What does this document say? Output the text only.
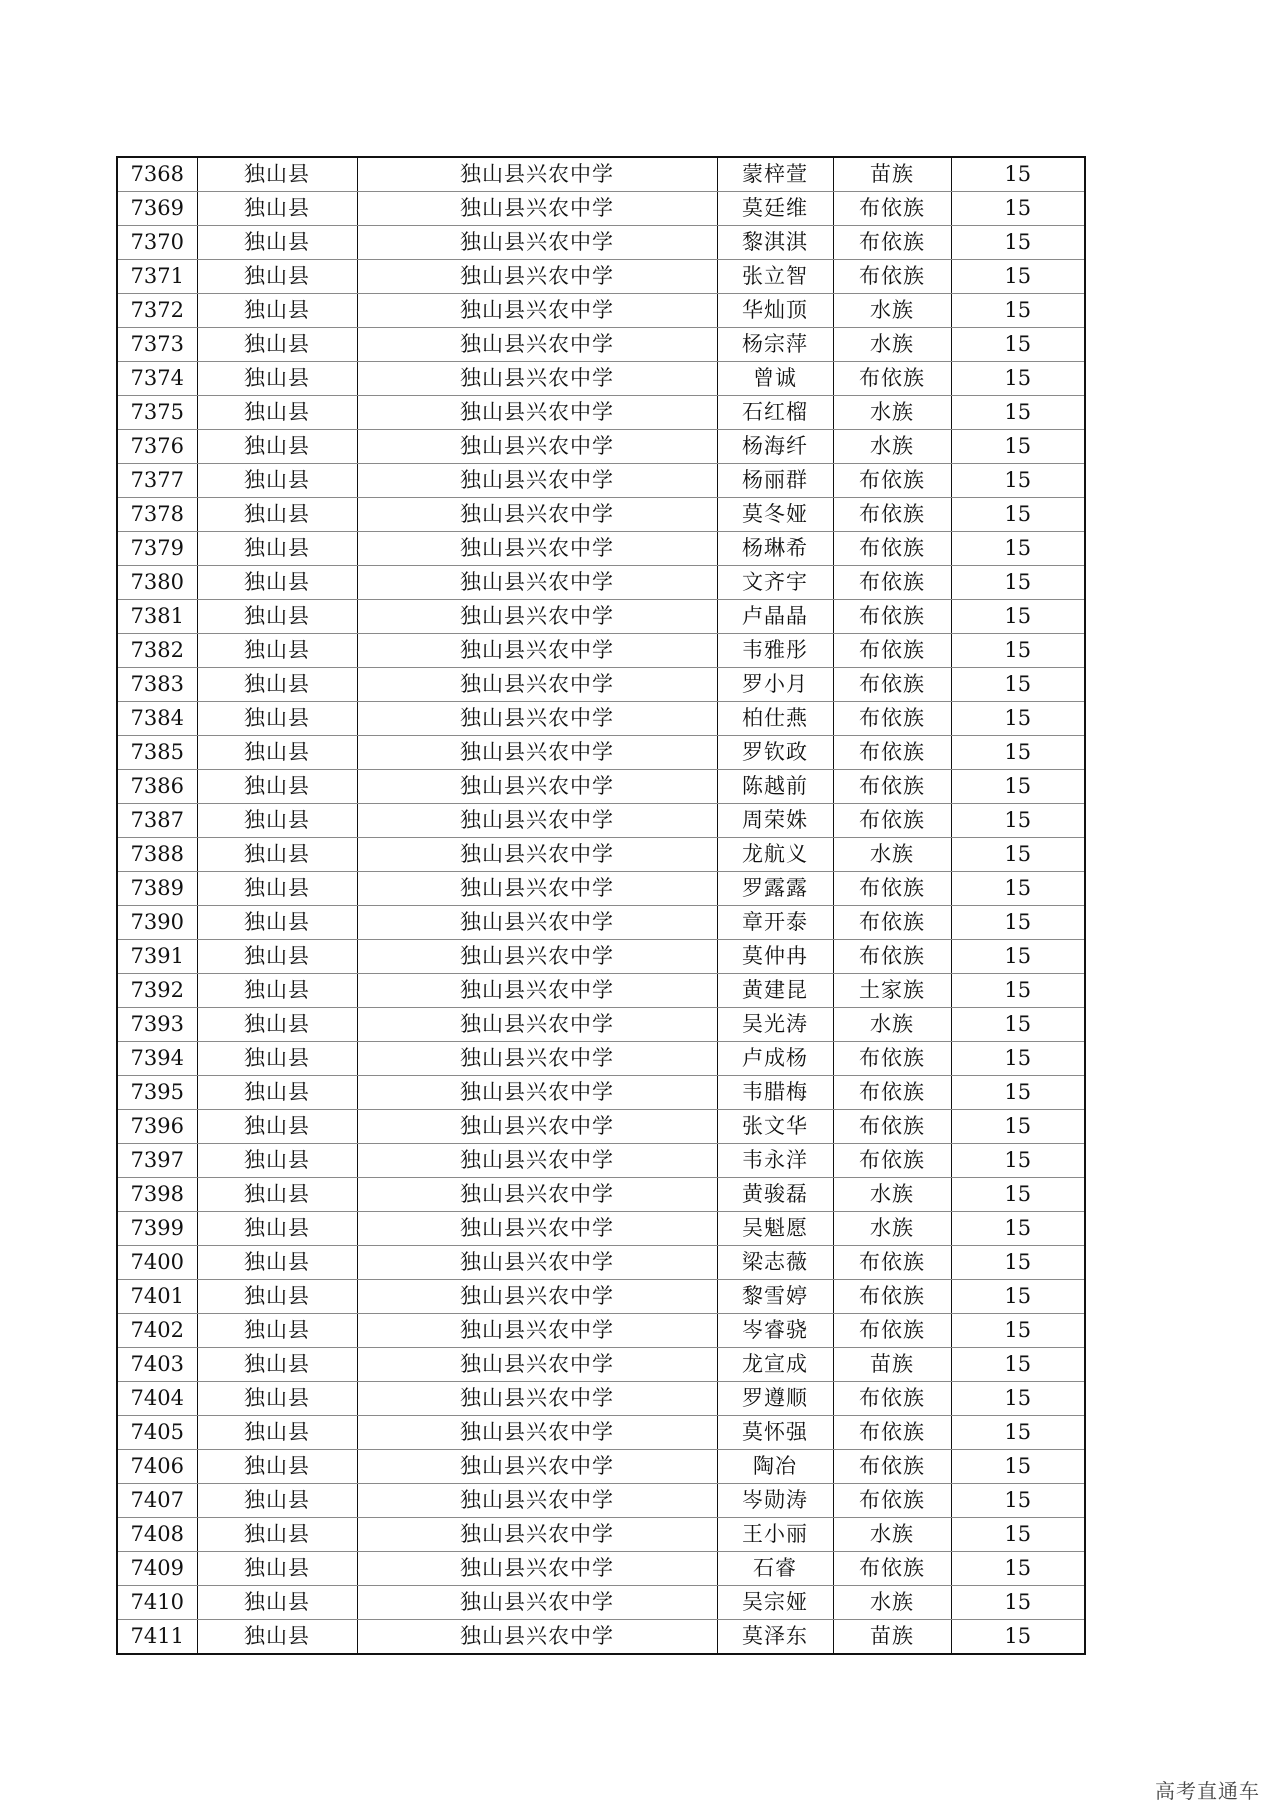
7368	独山县	独山县兴农中学	蒙梓萱	苗族	15
7369	独山县	独山县兴农中学	莫廷维	布依族	15
7370	独山县	独山县兴农中学	黎淇淇	布依族	15
7371	独山县	独山县兴农中学	张立智	布依族	15
7372	独山县	独山县兴农中学	华灿顶	水族	15
7373	独山县	独山县兴农中学	杨宗萍	水族	15
7374	独山县	独山县兴农中学	曾诚	布依族	15
7375	独山县	独山县兴农中学	石红榴	水族	15
7376	独山县	独山县兴农中学	杨海纤	水族	15
7377	独山县	独山县兴农中学	杨丽群	布依族	15
7378	独山县	独山县兴农中学	莫冬娅	布依族	15
7379	独山县	独山县兴农中学	杨琳希	布依族	15
7380	独山县	独山县兴农中学	文齐宇	布依族	15
7381	独山县	独山县兴农中学	卢晶晶	布依族	15
7382	独山县	独山县兴农中学	韦雅彤	布依族	15
7383	独山县	独山县兴农中学	罗小月	布依族	15
7384	独山县	独山县兴农中学	柏仕燕	布依族	15
7385	独山县	独山县兴农中学	罗钦政	布依族	15
7386	独山县	独山县兴农中学	陈越前	布依族	15
7387	独山县	独山县兴农中学	周荣姝	布依族	15
7388	独山县	独山县兴农中学	龙航义	水族	15
7389	独山县	独山县兴农中学	罗露露	布依族	15
7390	独山县	独山县兴农中学	章开泰	布依族	15
7391	独山县	独山县兴农中学	莫仲冉	布依族	15
7392	独山县	独山县兴农中学	黄建昆	土家族	15
7393	独山县	独山县兴农中学	吴光涛	水族	15
7394	独山县	独山县兴农中学	卢成杨	布依族	15
7395	独山县	独山县兴农中学	韦腊梅	布依族	15
7396	独山县	独山县兴农中学	张文华	布依族	15
7397	独山县	独山县兴农中学	韦永洋	布依族	15
7398	独山县	独山县兴农中学	黄骏磊	水族	15
7399	独山县	独山县兴农中学	吴魁愿	水族	15
7400	独山县	独山县兴农中学	梁志薇	布依族	15
7401	独山县	独山县兴农中学	黎雪婷	布依族	15
7402	独山县	独山县兴农中学	岑睿骁	布依族	15
7403	独山县	独山县兴农中学	龙宣成	苗族	15
7404	独山县	独山县兴农中学	罗遵顺	布依族	15
7405	独山县	独山县兴农中学	莫怀强	布依族	15
7406	独山县	独山县兴农中学	陶冶	布依族	15
7407	独山县	独山县兴农中学	岑勋涛	布依族	15
7408	独山县	独山县兴农中学	王小丽	水族	15
7409	独山县	独山县兴农中学	石睿	布依族	15
7410	独山县	独山县兴农中学	吴宗娅	水族	15
7411	独山县	独山县兴农中学	莫泽东	苗族	15
高考直通车
